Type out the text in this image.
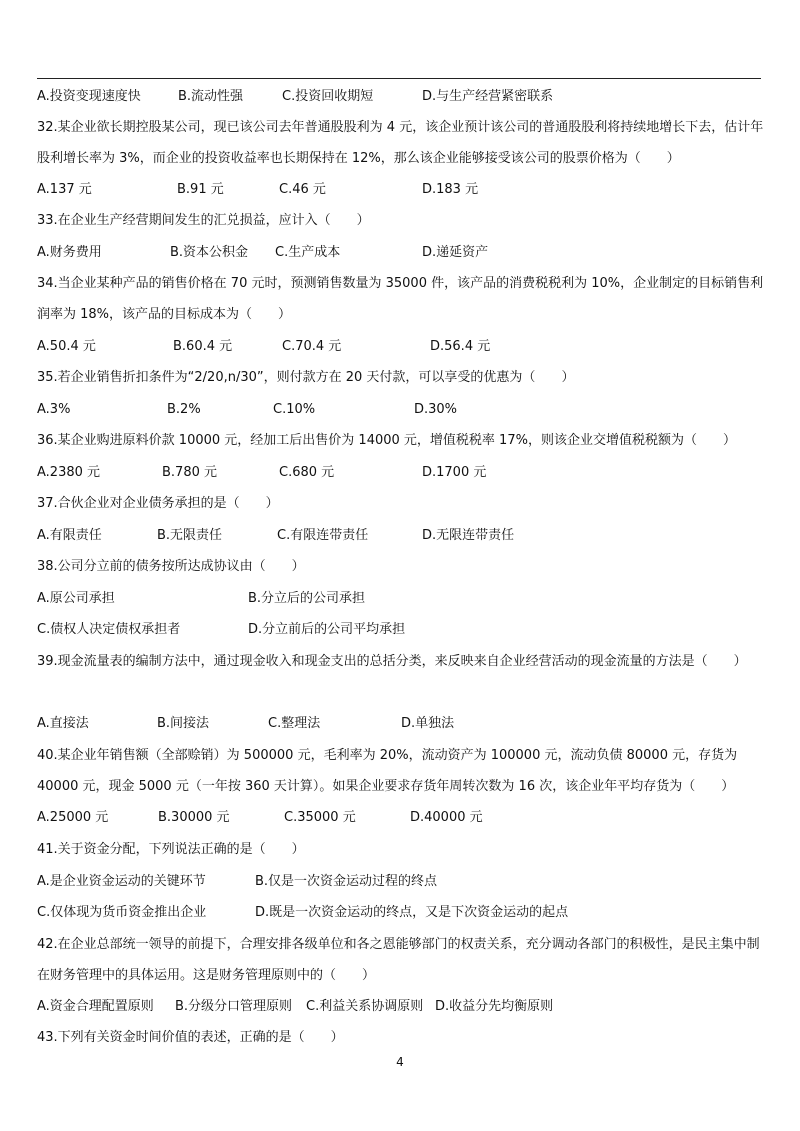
A.投资变现速度快	B.流动性强	C.投资回收期短	D.与生产经营紧密联系

32.某企业欲长期控股某公司，现已该公司去年普通股股利为 4 元，该企业预计该公司的普通股股利将持续地增长下去，估计年股利增长率为 3%，而企业的投资收益率也长期保持在 12%，那么该企业能够接受该公司的股票价格为（　　）

A.137 元	B.91 元	C.46 元	D.183 元

33.在企业生产经营期间发生的汇兑损益，应计入（　　）

A.财务费用	B.资本公积金 C.生产成本	D.递延资产

34.当企业某种产品的销售价格在 70 元时，预测销售数量为 35000 件，该产品的消费税税利为 10%，企业制定的目标销售利润率为 18%，该产品的目标成本为（　　）

A.50.4 元	B.60.4 元	C.70.4 元	D.56.4 元

35.若企业销售折扣条件为“2/20,n/30”，则付款方在 20 天付款，可以享受的优惠为（　　）

A.3%	B.2%	C.10%	D.30%

36.某企业购进原料价款 10000 元，经加工后出售价为 14000 元，增值税税率 17%，则该企业交增值税税额为（　　）

A.2380 元	B.780 元	C.680 元	D.1700 元

37.合伙企业对企业债务承担的是（　　）

A.有限责任	B.无限责任	C.有限连带责任	D.无限连带责任

38.公司分立前的债务按所达成协议由（　　）

A.原公司承担	B.分立后的公司承担
C.债权人决定债权承担者	D.分立前后的公司平均承担

39.现金流量表的编制方法中，通过现金收入和现金支出的总括分类，来反映来自企业经营活动的现金流量的方法是（　　）

A.直接法	B.间接法	C.整理法	D.单独法

40.某企业年销售额（全部赊销）为 500000 元，毛利率为 20%，流动资产为 100000 元，流动负债 80000 元，存货为 40000 元，现金 5000 元（一年按 360 天计算）。如果企业要求存货年周转次数为 16 次，该企业年平均存货为（　　）

A.25000 元	B.30000 元	C.35000 元	D.40000 元

41.关于资金分配，下列说法正确的是（　　）

A.是企业资金运动的关键环节	B.仅是一次资金运动过程的终点
C.仅体现为货币资金推出企业	D.既是一次资金运动的终点，又是下次资金运动的起点

42.在企业总部统一领导的前提下，合理安排各级单位和各之恩能够部门的权责关系，充分调动各部门的积极性，是民主集中制在财务管理中的具体运用。这是财务管理原则中的（　　）

A.资金合理配置原则 B.分级分口管理原则 C.利益关系协调原则 D.收益分先均衡原则

43.下列有关资金时间价值的表述，正确的是（　　）

4
